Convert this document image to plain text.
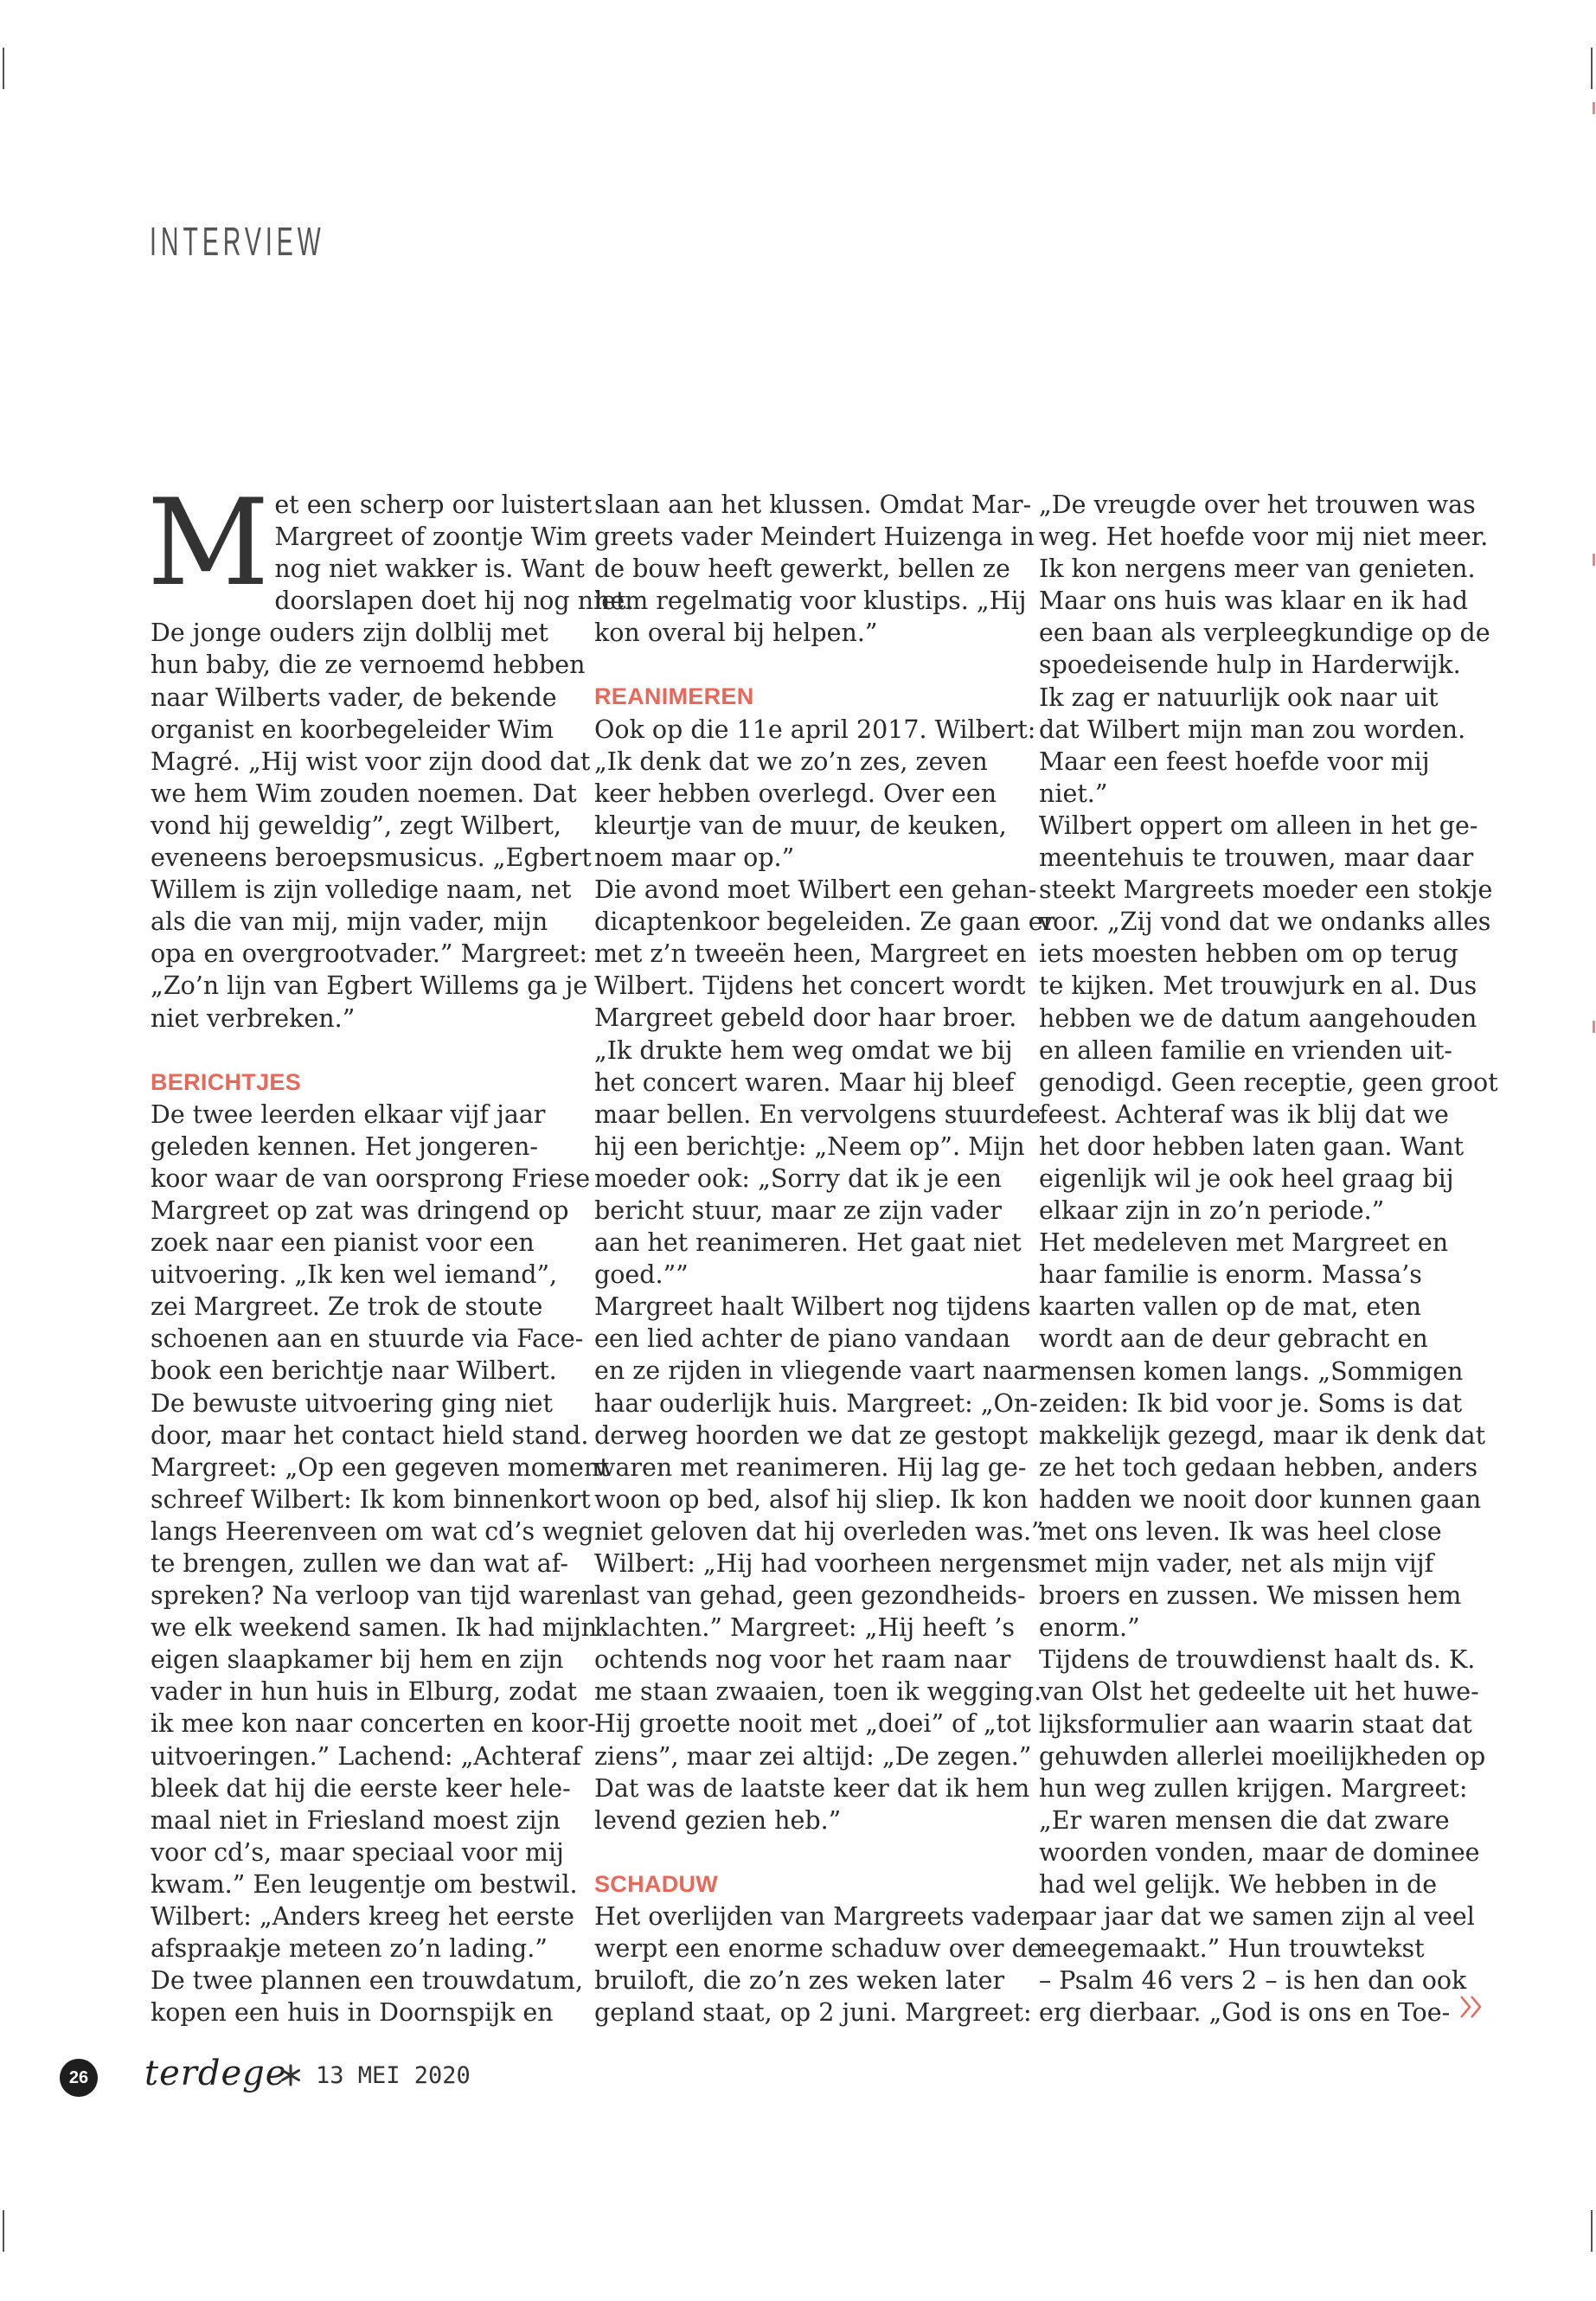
INTERVIEW

M et een scherp oor luistert
Margreet of zoontje Wim
nog niet wakker is. Want
doorslapen doet hij nog niet.
De jonge ouders zijn dolblij met
hun baby, die ze vernoemd hebben
naar Wilberts vader, de bekende
organist en koorbegeleider Wim
Magré. „Hij wist voor zijn dood dat
we hem Wim zouden noemen. Dat
vond hij geweldig”, zegt Wilbert,
eveneens beroepsmusicus. „Egbert
Willem is zijn volledige naam, net
als die van mij, mijn vader, mijn
opa en overgrootvader.” Margreet:
„Zo’n lijn van Egbert Willems ga je
niet verbreken.”

BERICHTJES

De twee leerden elkaar vijf jaar
geleden kennen. Het jongeren-
koor waar de van oorsprong Friese
Margreet op zat was dringend op
zoek naar een pianist voor een
uitvoering. „Ik ken wel iemand”,
zei Margreet. Ze trok de stoute
schoenen aan en stuurde via Face-
book een berichtje naar Wilbert.
De bewuste uitvoering ging niet
door, maar het contact hield stand.
Margreet: „Op een gegeven moment
schreef Wilbert: Ik kom binnenkort
langs Heerenveen om wat cd’s weg
te brengen, zullen we dan wat af-
spreken? Na verloop van tijd waren
we elk weekend samen. Ik had mijn
eigen slaapkamer bij hem en zijn
vader in hun huis in Elburg, zodat
ik mee kon naar concerten en koor-
uitvoeringen.” Lachend: „Achteraf
bleek dat hij die eerste keer hele-
maal niet in Friesland moest zijn
voor cd’s, maar speciaal voor mij
kwam.” Een leugentje om bestwil.
Wilbert: „Anders kreeg het eerste
afspraakje meteen zo’n lading.”
De twee plannen een trouwdatum,
kopen een huis in Doornspijk en

slaan aan het klussen. Omdat Mar-
greets vader Meindert Huizenga in
de bouw heeft gewerkt, bellen ze
hem regelmatig voor klustips. „Hij
kon overal bij helpen.”

REANIMEREN

Ook op die 11e april 2017. Wilbert:
„Ik denk dat we zo’n zes, zeven
keer hebben overlegd. Over een
kleurtje van de muur, de keuken,
noem maar op.”
Die avond moet Wilbert een gehan-
dicaptenkoor begeleiden. Ze gaan er
met z’n tweeën heen, Margreet en
Wilbert. Tijdens het concert wordt
Margreet gebeld door haar broer.
„Ik drukte hem weg omdat we bij
het concert waren. Maar hij bleef
maar bellen. En vervolgens stuurde
hij een berichtje: „Neem op”. Mijn
moeder ook: „Sorry dat ik je een
bericht stuur, maar ze zijn vader
aan het reanimeren. Het gaat niet
goed.””
Margreet haalt Wilbert nog tijdens
een lied achter de piano vandaan
en ze rijden in vliegende vaart naar
haar ouderlijk huis. Margreet: „On-
derweg hoorden we dat ze gestopt
waren met reanimeren. Hij lag ge-
woon op bed, alsof hij sliep. Ik kon
niet geloven dat hij overleden was.”
Wilbert: „Hij had voorheen nergens
last van gehad, geen gezondheids-
klachten.” Margreet: „Hij heeft ’s
ochtends nog voor het raam naar
me staan zwaaien, toen ik wegging.
Hij groette nooit met „doei” of „tot
ziens”, maar zei altijd: „De zegen.”
Dat was de laatste keer dat ik hem
levend gezien heb.”

SCHADUW

Het overlijden van Margreets vader
werpt een enorme schaduw over de
bruiloft, die zo’n zes weken later
gepland staat, op 2 juni. Margreet:

„De vreugde over het trouwen was
weg. Het hoefde voor mij niet meer.
Ik kon nergens meer van genieten.
Maar ons huis was klaar en ik had
een baan als verpleegkundige op de
spoedeisende hulp in Harderwijk.
Ik zag er natuurlijk ook naar uit
dat Wilbert mijn man zou worden.
Maar een feest hoefde voor mij
niet.”
Wilbert oppert om alleen in het ge-
meentehuis te trouwen, maar daar
steekt Margreets moeder een stokje
voor. „Zij vond dat we ondanks alles
iets moesten hebben om op terug
te kijken. Met trouwjurk en al. Dus
hebben we de datum aangehouden
en alleen familie en vrienden uit-
genodigd. Geen receptie, geen groot
feest. Achteraf was ik blij dat we
het door hebben laten gaan. Want
eigenlijk wil je ook heel graag bij
elkaar zijn in zo’n periode.”
Het medeleven met Margreet en
haar familie is enorm. Massa’s
kaarten vallen op de mat, eten
wordt aan de deur gebracht en
mensen komen langs. „Sommigen
zeiden: Ik bid voor je. Soms is dat
makkelijk gezegd, maar ik denk dat
ze het toch gedaan hebben, anders
hadden we nooit door kunnen gaan
met ons leven. Ik was heel close
met mijn vader, net als mijn vijf
broers en zussen. We missen hem
enorm.”
Tijdens de trouwdienst haalt ds. K.
van Olst het gedeelte uit het huwe-
lijksformulier aan waarin staat dat
gehuwden allerlei moeilijkheden op
hun weg zullen krijgen. Margreet:
„Er waren mensen die dat zware
woorden vonden, maar de dominee
had wel gelijk. We hebben in de
paar jaar dat we samen zijn al veel
meegemaakt.” Hun trouwtekst
– Psalm 46 vers 2 – is hen dan ook
erg dierbaar. „God is ons en Toe-

26 terdege 13 MEI 2020
